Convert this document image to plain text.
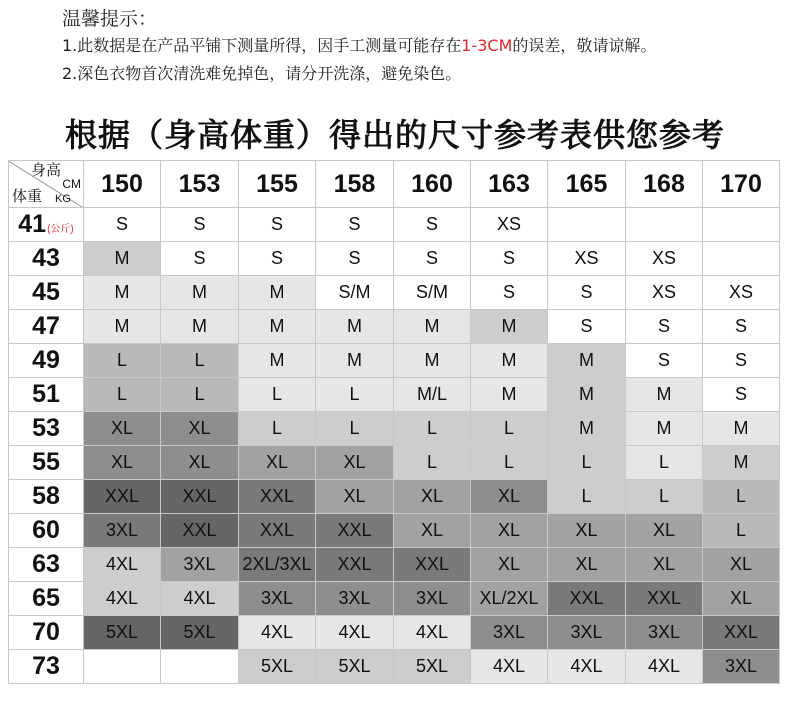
温馨提示：
1.此数据是在产品平铺下测量所得，因手工测量可能存在1-3CM的误差，敬请谅解。
2.深色衣物首次清洗难免掉色，请分开洗涤，避免染色。
根据（身高体重）得出的尺寸参考表供您参考
身高
CM
体重 KG	150	153	155	158	160	163	165	168	170
41(公斤)	S	S	S	S	S	XS			
43	M	S	S	S	S	S	XS	XS	
45	M	M	M	S/M	S/M	S	S	XS	XS
47	M	M	M	M	M	M	S	S	S
49	L	L	M	M	M	M	M	S	S
51	L	L	L	L	M/L	M	M	M	S
53	XL	XL	L	L	L	L	M	M	M
55	XL	XL	XL	XL	L	L	L	L	M
58	XXL	XXL	XXL	XL	XL	XL	L	L	L
60	3XL	XXL	XXL	XXL	XL	XL	XL	XL	L
63	4XL	3XL	2XL/3XL	XXL	XXL	XL	XL	XL	XL
65	4XL	4XL	3XL	3XL	3XL	XL/2XL	XXL	XXL	XL
70	5XL	5XL	4XL	4XL	4XL	3XL	3XL	3XL	XXL
73			5XL	5XL	5XL	4XL	4XL	4XL	3XL
